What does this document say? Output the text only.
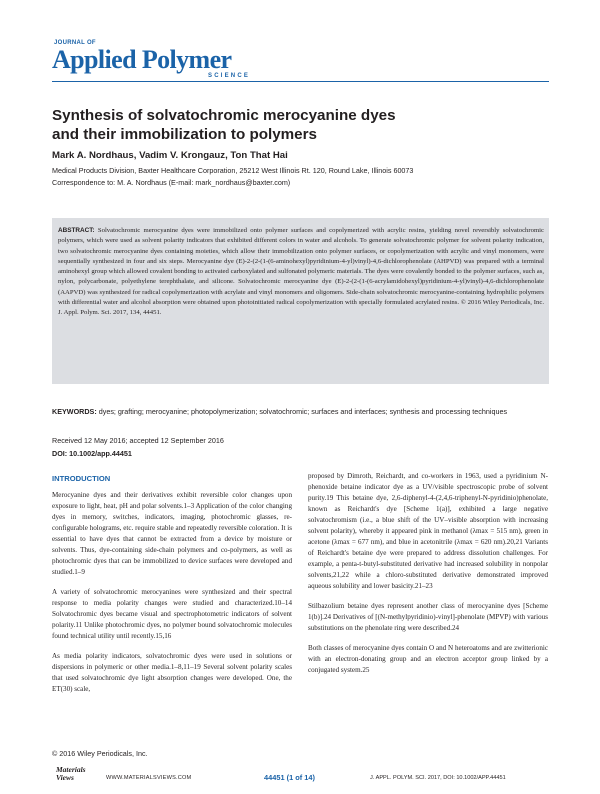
JOURNAL OF
Applied Polymer
SCIENCE
Synthesis of solvatochromic merocyanine dyes
and their immobilization to polymers
Mark A. Nordhaus, Vadim V. Krongauz, Ton That Hai
Medical Products Division, Baxter Healthcare Corporation, 25212 West Illinois Rt. 120, Round Lake, Illinois 60073
Correspondence to: M. A. Nordhaus (E-mail: mark_nordhaus@baxter.com)

ABSTRACT: Solvatochromic merocyanine dyes were immobilized onto polymer surfaces and copolymerized with acrylic resins, yielding novel reversibly solvatochromic polymers, which were used as solvent polarity indicators that exhibited different colors in water and alcohols. To generate solvatochromic polymer for solvent polarity indication, two solvatochromic merocyanine dyes containing moieties, which allow their immobilization onto polymer surfaces, or copolymerization with acrylic and vinyl monomers, were sequentially synthesized in four and six steps. Merocyanine dye (E)-2-(2-(1-(6-aminohexyl)pyridinium-4-yl)vinyl)-4,6-dichlorophenolate (AHPVD) was prepared with a terminal aminohexyl group which allowed covalent bonding to activated carboxylated and sulfonated polymeric materials. The dyes were covalently bonded to the polymer surfaces, such as, nylon, polycarbonate, polyethylene terephthalate, and silicone. Solvatochromic merocyanine dye (E)-2-(2-(1-(6-acrylamidohexyl)pyridinium-4-yl)vinyl)-4,6-dichlorophenolate (AAPVD) was synthesized for radical copolymerization with acrylate and vinyl monomers and oligomers. Side-chain solvatochromic merocyanine-containing hydrophilic polymers with differential water and alcohol absorption were obtained upon photoinitiated radical copolymerization with specially formulated acrylated resins. © 2016 Wiley Periodicals, Inc. J. Appl. Polym. Sci. 2017, 134, 44451.

KEYWORDS: dyes; grafting; merocyanine; photopolymerization; solvatochromic; surfaces and interfaces; synthesis and processing techniques

Received 12 May 2016; accepted 12 September 2016
DOI: 10.1002/app.44451
INTRODUCTION

Merocyanine dyes and their derivatives exhibit reversible color changes upon exposure to light, heat, pH and polar solvents.1–3 Application of the color changing dyes in memory, switches, indicators, imaging, photochromic glasses, re-configurable holograms, etc. require stable and repeatedly reversible coloration. It is essential to have dyes that cannot be extracted from a device by moisture or solvents. Thus, dye-containing side-chain polymers and co-polymers, as well as photochromic dyes that can be immobilized to device surfaces were developed and studied.1–9

A variety of solvatochromic merocyanines were synthesized and their spectral response to media polarity changes were studied and characterized.10–14 Solvatochromic dyes became visual and spectrophotometric indicators of solvent polarity.11 Unlike photochromic dyes, no polymer bound solvatochromic molecules found technical utility until recently.15,16

As media polarity indicators, solvatochromic dyes were used in solutions or dispersions in polymeric or other media.1–8,11–19 Several solvent polarity scales that used solvatochromic dye light absorption changes were developed. One, the ET(30) scale,

proposed by Dimroth, Reichardt, and co-workers in 1963, used a pyridinium N-phenoxide betaine indicator dye as a UV/visible spectroscopic probe of solvent purity.19 This betaine dye, 2,6-diphenyl-4-(2,4,6-triphenyl-N-pyridinio)phenolate, known as Reichardt's dye [Scheme 1(a)], exhibited a large negative solvatochromism (i.e., a blue shift of the UV–visible absorption with increasing solvent polarity), whereby it appeared pink in methanol (λmax = 515 nm), green in acetone (λmax = 677 nm), and blue in acetonitrile (λmax = 620 nm).20,21 Variants of Reichardt's betaine dye were prepared to address dissolution challenges. For example, a penta-t-butyl-substituted derivative had increased solubility in nonpolar solvents,21,22 while a chloro-substituted derivative demonstrated improved aqueous solubility and lower basicity.21–23

Stilbazolium betaine dyes represent another class of merocyanine dyes [Scheme 1(b)].24 Derivatives of [(N-methylpyridinio)-vinyl]-phenolate (MPVP) with various substitutions on the phenolate ring were described.24

Both classes of merocyanine dyes contain O and N heteroatoms and are zwitterionic with an electron-donating group and an electron acceptor group linked by a conjugated system.25

© 2016 Wiley Periodicals, Inc.
Materials
Views	WWW.MATERIALSVIEWS.COM	44451 (1 of 14)	J. APPL. POLYM. SCI. 2017, DOI: 10.1002/APP.44451
